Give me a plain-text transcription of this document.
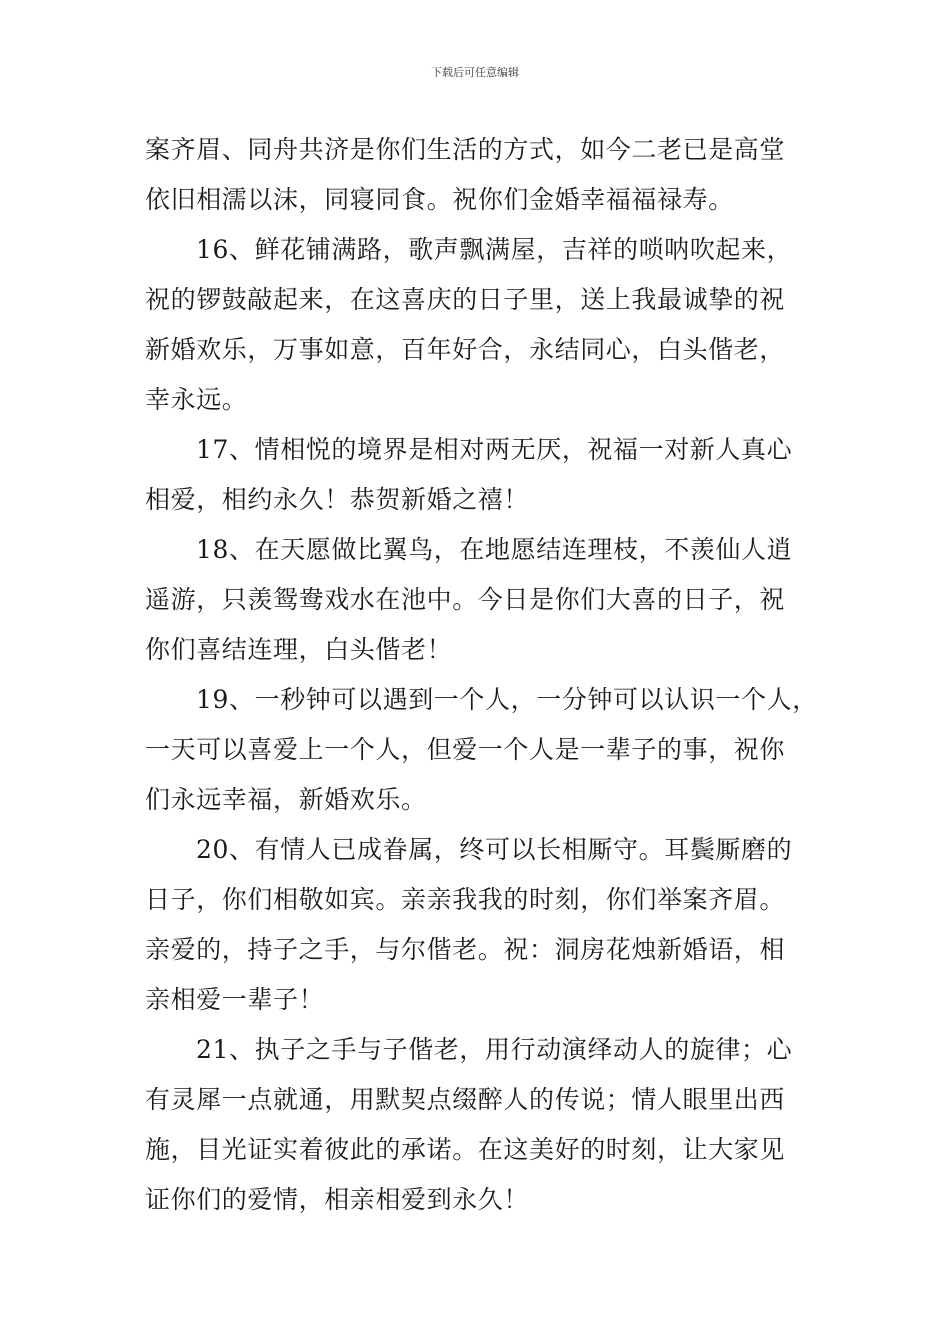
下载后可任意编辑
案齐眉、同舟共济是你们生活的方式，如今二老已是高堂
依旧相濡以沫，同寝同食。祝你们金婚幸福福禄寿。
16、鲜花铺满路，歌声飘满屋，吉祥的唢呐吹起来，
祝的锣鼓敲起来，在这喜庆的日子里，送上我最诚挚的祝
新婚欢乐，万事如意，百年好合，永结同心，白头偕老，
幸永远。
17、情相悦的境界是相对两无厌，祝福一对新人真心
相爱，相约永久！恭贺新婚之禧！
18、在天愿做比翼鸟，在地愿结连理枝，不羡仙人逍
遥游，只羡鸳鸯戏水在池中。今日是你们大喜的日子，祝
你们喜结连理，白头偕老！
19、一秒钟可以遇到一个人，一分钟可以认识一个人，
一天可以喜爱上一个人，但爱一个人是一辈子的事，祝你
们永远幸福，新婚欢乐。
20、有情人已成眷属，终可以长相厮守。耳鬓厮磨的
日子，你们相敬如宾。亲亲我我的时刻，你们举案齐眉。
亲爱的，持子之手，与尔偕老。祝：洞房花烛新婚语，相
亲相爱一辈子！
21、执子之手与子偕老，用行动演绎动人的旋律；心
有灵犀一点就通，用默契点缀醉人的传说；情人眼里出西
施，目光证实着彼此的承诺。在这美好的时刻，让大家见
证你们的爱情，相亲相爱到永久！
